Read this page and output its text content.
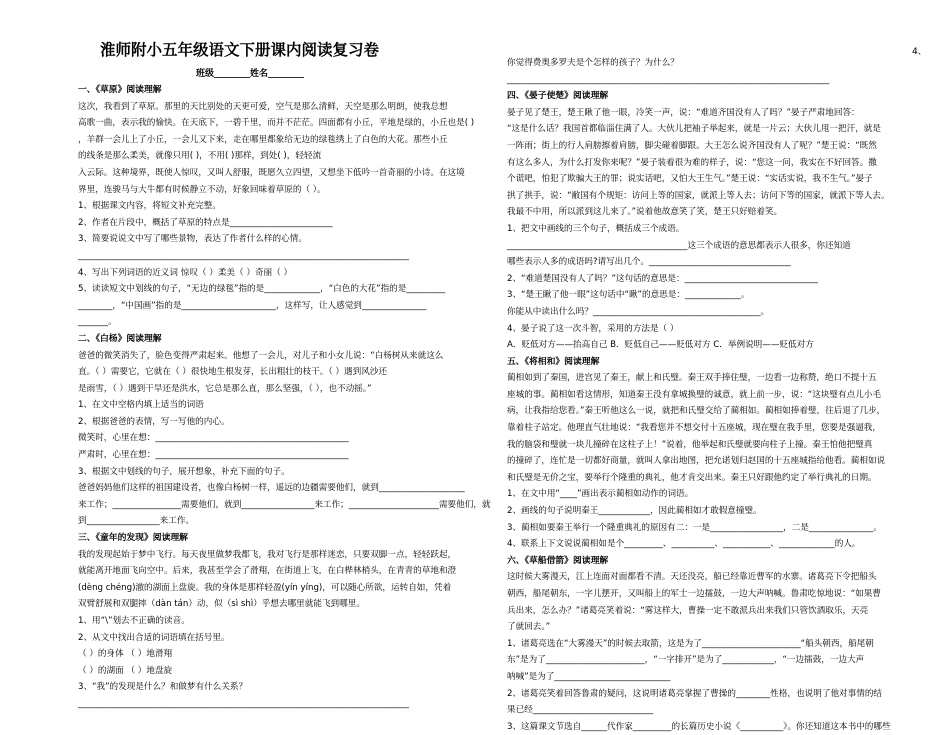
淮师附小五年级语文下册课内阅读复习卷
班级________姓名________
4、

一、《草原》阅读理解

这次，我看到了草原。那里的天比别处的天更可爱，空气是那么清鲜，天空是那么明朗，使我总想

高歌一曲，表示我的愉快。在天底下，一碧千里，而并不茫茫。四面都有小丘，平地是绿的，小丘也是( )

，羊群一会儿上了小丘，一会儿又下来，走在哪里都象给无边的绿毯绣上了白色的大花。那些小丘

的线条是那么柔美，就像只用( )，不用( )那样，到处( )，轻轻流

入云际。这种境界，既使人惊叹，又叫人舒服，既愿久立四望，又想坐下低吟一首奇丽的小诗。在这境

界里，连骏马与大牛都有时候静立不动，好象回味着草原的（ ）。

1、根据课文内容，将短文补充完整。

2、作者在片段中，概括了草原的特点是________________________

3、简要说说文中写了哪些景物，表达了作者什么样的心情。

_____________________________________________________________________________

4、写出下列词语的近义词 惊叹（ ）柔美（ ）奇丽（ ）

5、读读短文中划线的句子，“无边的绿毯”指的是_____________，“白色的大花”指的是_________

________，“中国画”指的是______________________，这样写，让人感觉到_______________

_______。

二、《白杨》阅读理解

爸爸的微笑消失了，脸色变得严肃起来。他想了一会儿，对儿子和小女儿说：“白杨树从来就这么

直。（ ）需要它，它就在（ ）很快地生根发芽，长出粗壮的枝干。（ ）遇到风沙还

是雨雪，（ ）遇到干旱还是洪水，它总是那么直，那么坚强，（ ），也不动摇。”

1、在文中空格内填上适当的词语

2、根据爸爸的表情，写一写他的内心。

微笑时，心里在想：_____________________________________________

严肃时，心里在想：_____________________________________________

3、根据文中划线的句子，展开想象，补充下面的句子。

爸爸妈妈他们这样的祖国建设者，也像白杨树一样，遥远的边疆需要他们，就到____________________

来工作；________________需要他们，就到_________________来工作；_____________________需要他们，就

到_________________来工作。

三、《童年的发现》阅读理解

我的发现起始于梦中飞行。每天夜里做梦我都飞，我对飞行是那样迷恋，只要双脚一点，轻轻跃起，

就能离开地面飞向空中。后来，我甚至学会了滑翔，在街道上飞，在白桦林梢头，在青青的草地和澄

(dèng chéng)澈的湖面上盘旋。我的身体是那样轻盈(yín yíng)，可以随心所欲，运转自如，凭着

双臂舒展和双腿摔（dàn tán）动，似（sì shì）乎想去哪里就能飞到哪里。

1、用“\”划去不正确的读音。

2、从文中找出合适的词语填在括号里。

（ ）的身体 （ ）地滑翔

（ ）的湖面 （ ）地盘旋

3、“我”的发现是什么？和做梦有什么关系？

_____________________________________________________________________________

你觉得费奥多罗夫是个怎样的孩子？为什么？

___________________________________________________________________________

四、《晏子使楚》阅读理解

晏子见了楚王，楚王瞅了他一眼，冷笑一声，说：“难道齐国没有人了吗？”晏子严肃地回答：

“这是什么话？我国首都临淄住满了人。大伙儿把袖子举起来，就是一片云；大伙儿甩一把汗，就是

一阵雨；街上的行人肩膀擦着肩膀，脚尖碰着脚跟。大王怎么说齐国没有人了呢？”楚王说：“既然

有这么多人，为什么打发你来呢？”晏子装着很为难的样子，说：“您这一问，我实在不好回答。撒

个谎吧，怕犯了欺骗大王的罪；说实话吧，又怕大王生气。”楚王说：“实话实说，我不生气。”晏子

拱了拱手，说：“敝国有个规矩：访问上等的国家，就派上等人去；访问下等的国家，就派下等人去。

我最不中用，所以派到这儿来了。”说着他故意笑了笑，楚王只好赔着笑。

1、把文中画线的三个句子，概括成三个成语。

__________________________________________这三个成语的意思都表示人很多，你还知道

哪些表示人多的成语吗?请写出几个。_________________________________

2、“难道楚国没有人了吗？”这句话的意思是：_______________________________

3、“楚王瞅了他一眼”这句话中“瞅”的意思是：_____________。

你能从中读出什么吗？_______________________________________。

4、晏子说了这一次斗智，采用的方法是（ ）

A．贬低对方——抬高自己 B．贬低自己——贬低对方 C．举例说明——贬低对方

五、《将相和》阅读理解

蔺相如到了秦国，进宫见了秦王，献上和氏璧。秦王双手捧住璧，一边看一边称赞，绝口不提十五

座城的事。蔺相如看这情形，知道秦王没有拿城换璧的诚意，就上前一步，说：“这块璧有点儿小毛

病，让我指给您看。”秦王听他这么一说，就把和氏璧交给了蔺相如。蔺相如捧着璧，往后退了几步，

靠着柱子站定。他理直气壮地说：“我看您并不想交付十五座城，现在璧在我手里，您要是强逼我，

我的脑袋和璧就一块儿撞碎在这柱子上！”说着，他举起和氏璧就要向柱子上撞。秦王怕他把璧真

的撞碎了，连忙是一切都好商量，就叫人拿出地图，把允诺划归赵国的十五座城指给他看。蔺相如说

和氏璧是无价之宝，要举行个隆重的典礼，他才肯交出来。秦王只好跟他约定了举行典礼的日期。

1、在文中用“____”画出表示蔺相如动作的词语。

2、画线的句子说明秦王____________，因此蔺相如才敢假意撞璧。

3、蔺相如要秦王举行一个隆重典礼的原因有二：一是_________________，二是_______________。

4、联系上下文说说蔺相如是个_________、__________、___________、_____________的人。

六、《草船借箭》阅读理解

这时候大雾漫天，江上连面对面都看不清。天还没亮，船已经靠近曹军的水寨。诸葛亮下令把船头

朝西，船尾朝东，一字儿摆开，又叫船上的军士一边擂鼓，一边大声呐喊。鲁肃吃惊地说：“如果曹

兵出来，怎么办？”诸葛亮笑着说：“雾这样大，曹操一定不敢派兵出来我们只管饮酒取乐，天亮

了就回去。”

1、诸葛亮选在“大雾漫天”的时候去取箭，这是为了_______________________“船头朝西，船尾朝

东”是为了_______________________，“一字排开”是为了____________，“一边擂鼓，一边大声

呐喊”是为了___________________________

2、诸葛亮笑着回答鲁肃的疑问，这说明诸葛亮掌握了曹操的________性格，也说明了他对事情的结

果已经____________________________

3、这篇课文节选自______代作家_________的长篇历史小说《__________》。你还知道这本书中的哪些
